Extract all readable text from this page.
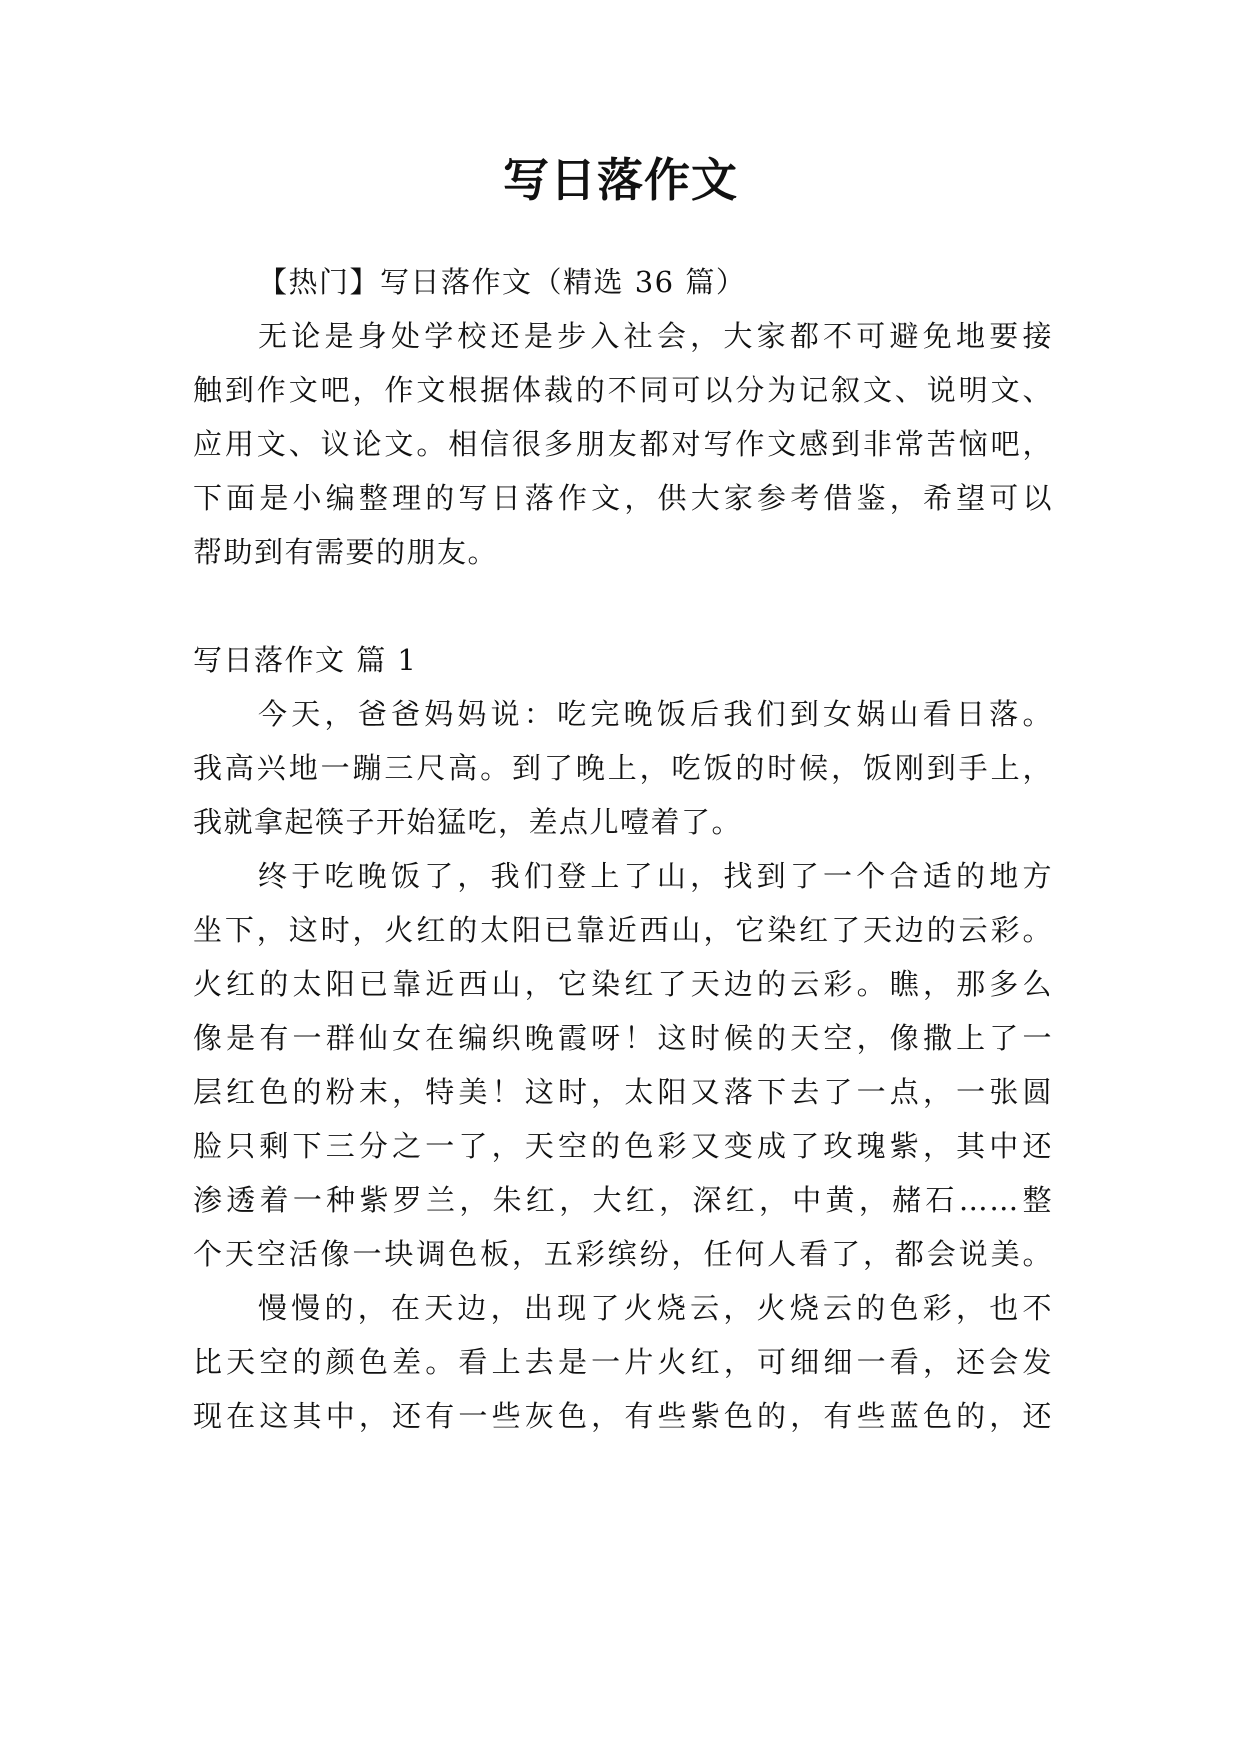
写日落作文
【热门】写日落作文（精选 36 篇）
无论是身处学校还是步入社会，大家都不可避免地要接
触到作文吧，作文根据体裁的不同可以分为记叙文、说明文、
应用文、议论文。相信很多朋友都对写作文感到非常苦恼吧，
下面是小编整理的写日落作文，供大家参考借鉴，希望可以
帮助到有需要的朋友。
写日落作文 篇 1
今天，爸爸妈妈说：吃完晚饭后我们到女娲山看日落。
我高兴地一蹦三尺高。到了晚上，吃饭的时候，饭刚到手上，
我就拿起筷子开始猛吃，差点儿噎着了。
终于吃晚饭了，我们登上了山，找到了一个合适的地方
坐下，这时，火红的太阳已靠近西山，它染红了天边的云彩。
火红的太阳已靠近西山，它染红了天边的云彩。瞧，那多么
像是有一群仙女在编织晚霞呀！这时候的天空，像撒上了一
层红色的粉末，特美！这时，太阳又落下去了一点，一张圆
脸只剩下三分之一了，天空的色彩又变成了玫瑰紫，其中还
渗透着一种紫罗兰，朱红，大红，深红，中黄，赭石……整
个天空活像一块调色板，五彩缤纷，任何人看了，都会说美。
慢慢的，在天边，出现了火烧云，火烧云的色彩，也不
比天空的颜色差。看上去是一片火红，可细细一看，还会发
现在这其中，还有一些灰色，有些紫色的，有些蓝色的，还
